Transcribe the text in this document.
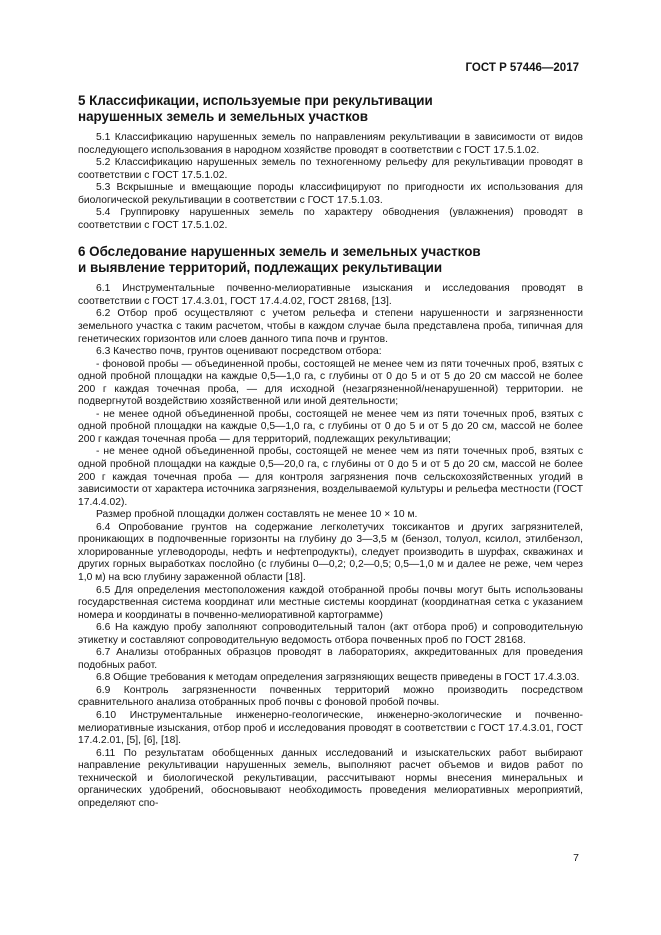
ГОСТ Р 57446—2017
5 Классификации, используемые при рекультивации
нарушенных земель и земельных участков

5.1 Классификацию нарушенных земель по направлениям рекультивации в зависимости от видов последующего использования в народном хозяйстве проводят в соответствии с ГОСТ 17.5.1.02.

5.2 Классификацию нарушенных земель по техногенному рельефу для рекультивации проводят в соответствии с ГОСТ 17.5.1.02.

5.3 Вскрышные и вмещающие породы классифицируют по пригодности их использования для биологической рекультивации в соответствии с ГОСТ 17.5.1.03.

5.4 Группировку нарушенных земель по характеру обводнения (увлажнения) проводят в соответствии с ГОСТ 17.5.1.02.

6 Обследование нарушенных земель и земельных участков
и выявление территорий, подлежащих рекультивации

6.1 Инструментальные почвенно-мелиоративные изыскания и исследования проводят в соответствии с ГОСТ 17.4.3.01, ГОСТ 17.4.4.02, ГОСТ 28168, [13].

6.2 Отбор проб осуществляют с учетом рельефа и степени нарушенности и загрязненности земельного участка с таким расчетом, чтобы в каждом случае была представлена проба, типичная для генетических горизонтов или слоев данного типа почв и грунтов.

6.3 Качество почв, грунтов оценивают посредством отбора:

- фоновой пробы — объединенной пробы, состоящей не менее чем из пяти точечных проб, взятых с одной пробной площадки на каждые 0,5—1,0 га, с глубины от 0 до 5 и от 5 до 20 см массой не более 200 г каждая точечная проба, — для исходной (незагрязненной/ненарушенной) территории. не подвергнутой воздействию хозяйственной или иной деятельности;

- не менее одной объединенной пробы, состоящей не менее чем из пяти точечных проб, взятых с одной пробной площадки на каждые 0,5—1,0 га, с глубины от 0 до 5 и от 5 до 20 см, массой не более 200 г каждая точечная проба — для территорий, подлежащих рекультивации;

- не менее одной объединенной пробы, состоящей не менее чем из пяти точечных проб, взятых с одной пробной площадки на каждые 0,5—20,0 га, с глубины от 0 до 5 и от 5 до 20 см, массой не более 200 г каждая точечная проба — для контроля загрязнения почв сельскохозяйственных угодий в зависимости от характера источника загрязнения, возделываемой культуры и рельефа местности (ГОСТ 17.4.4.02).

Размер пробной площадки должен составлять не менее 10 × 10 м.

6.4 Опробование грунтов на содержание легколетучих токсикантов и других загрязнителей, проникающих в подпочвенные горизонты на глубину до 3—3,5 м (бензол, толуол, ксилол, этилбензол, хлорированные углеводороды, нефть и нефтепродукты), следует производить в шурфах, скважинах и других горных выработках послойно (с глубины 0—0,2; 0,2—0,5; 0,5—1,0 м и далее не реже, чем через 1,0 м) на всю глубину зараженной области [18].

6.5 Для определения местоположения каждой отобранной пробы почвы могут быть использованы государственная система координат или местные системы координат (координатная сетка с указанием номера и координаты в почвенно-мелиоративной картограмме)

6.6 На каждую пробу заполняют сопроводительный талон (акт отбора проб) и сопроводительную этикетку и составляют сопроводительную ведомость отбора почвенных проб по ГОСТ 28168.

6.7 Анализы отобранных образцов проводят в лабораториях, аккредитованных для проведения подобных работ.

6.8 Общие требования к методам определения загрязняющих веществ приведены в ГОСТ 17.4.3.03.

6.9 Контроль загрязненности почвенных территорий можно производить посредством сравнительного анализа отобранных проб почвы с фоновой пробой почвы.

6.10 Инструментальные инженерно-геологические, инженерно-экологические и почвенно-мелиоративные изыскания, отбор проб и исследования проводят в соответствии с ГОСТ 17.4.3.01, ГОСТ 17.4.2.01, [5], [6], [18].

6.11 По результатам обобщенных данных исследований и изыскательских работ выбирают направление рекультивации нарушенных земель, выполняют расчет объемов и видов работ по технической и биологической рекультивации, рассчитывают нормы внесения минеральных и органических удобрений, обосновывают необходимость проведения мелиоративных мероприятий, определяют спо-

7
